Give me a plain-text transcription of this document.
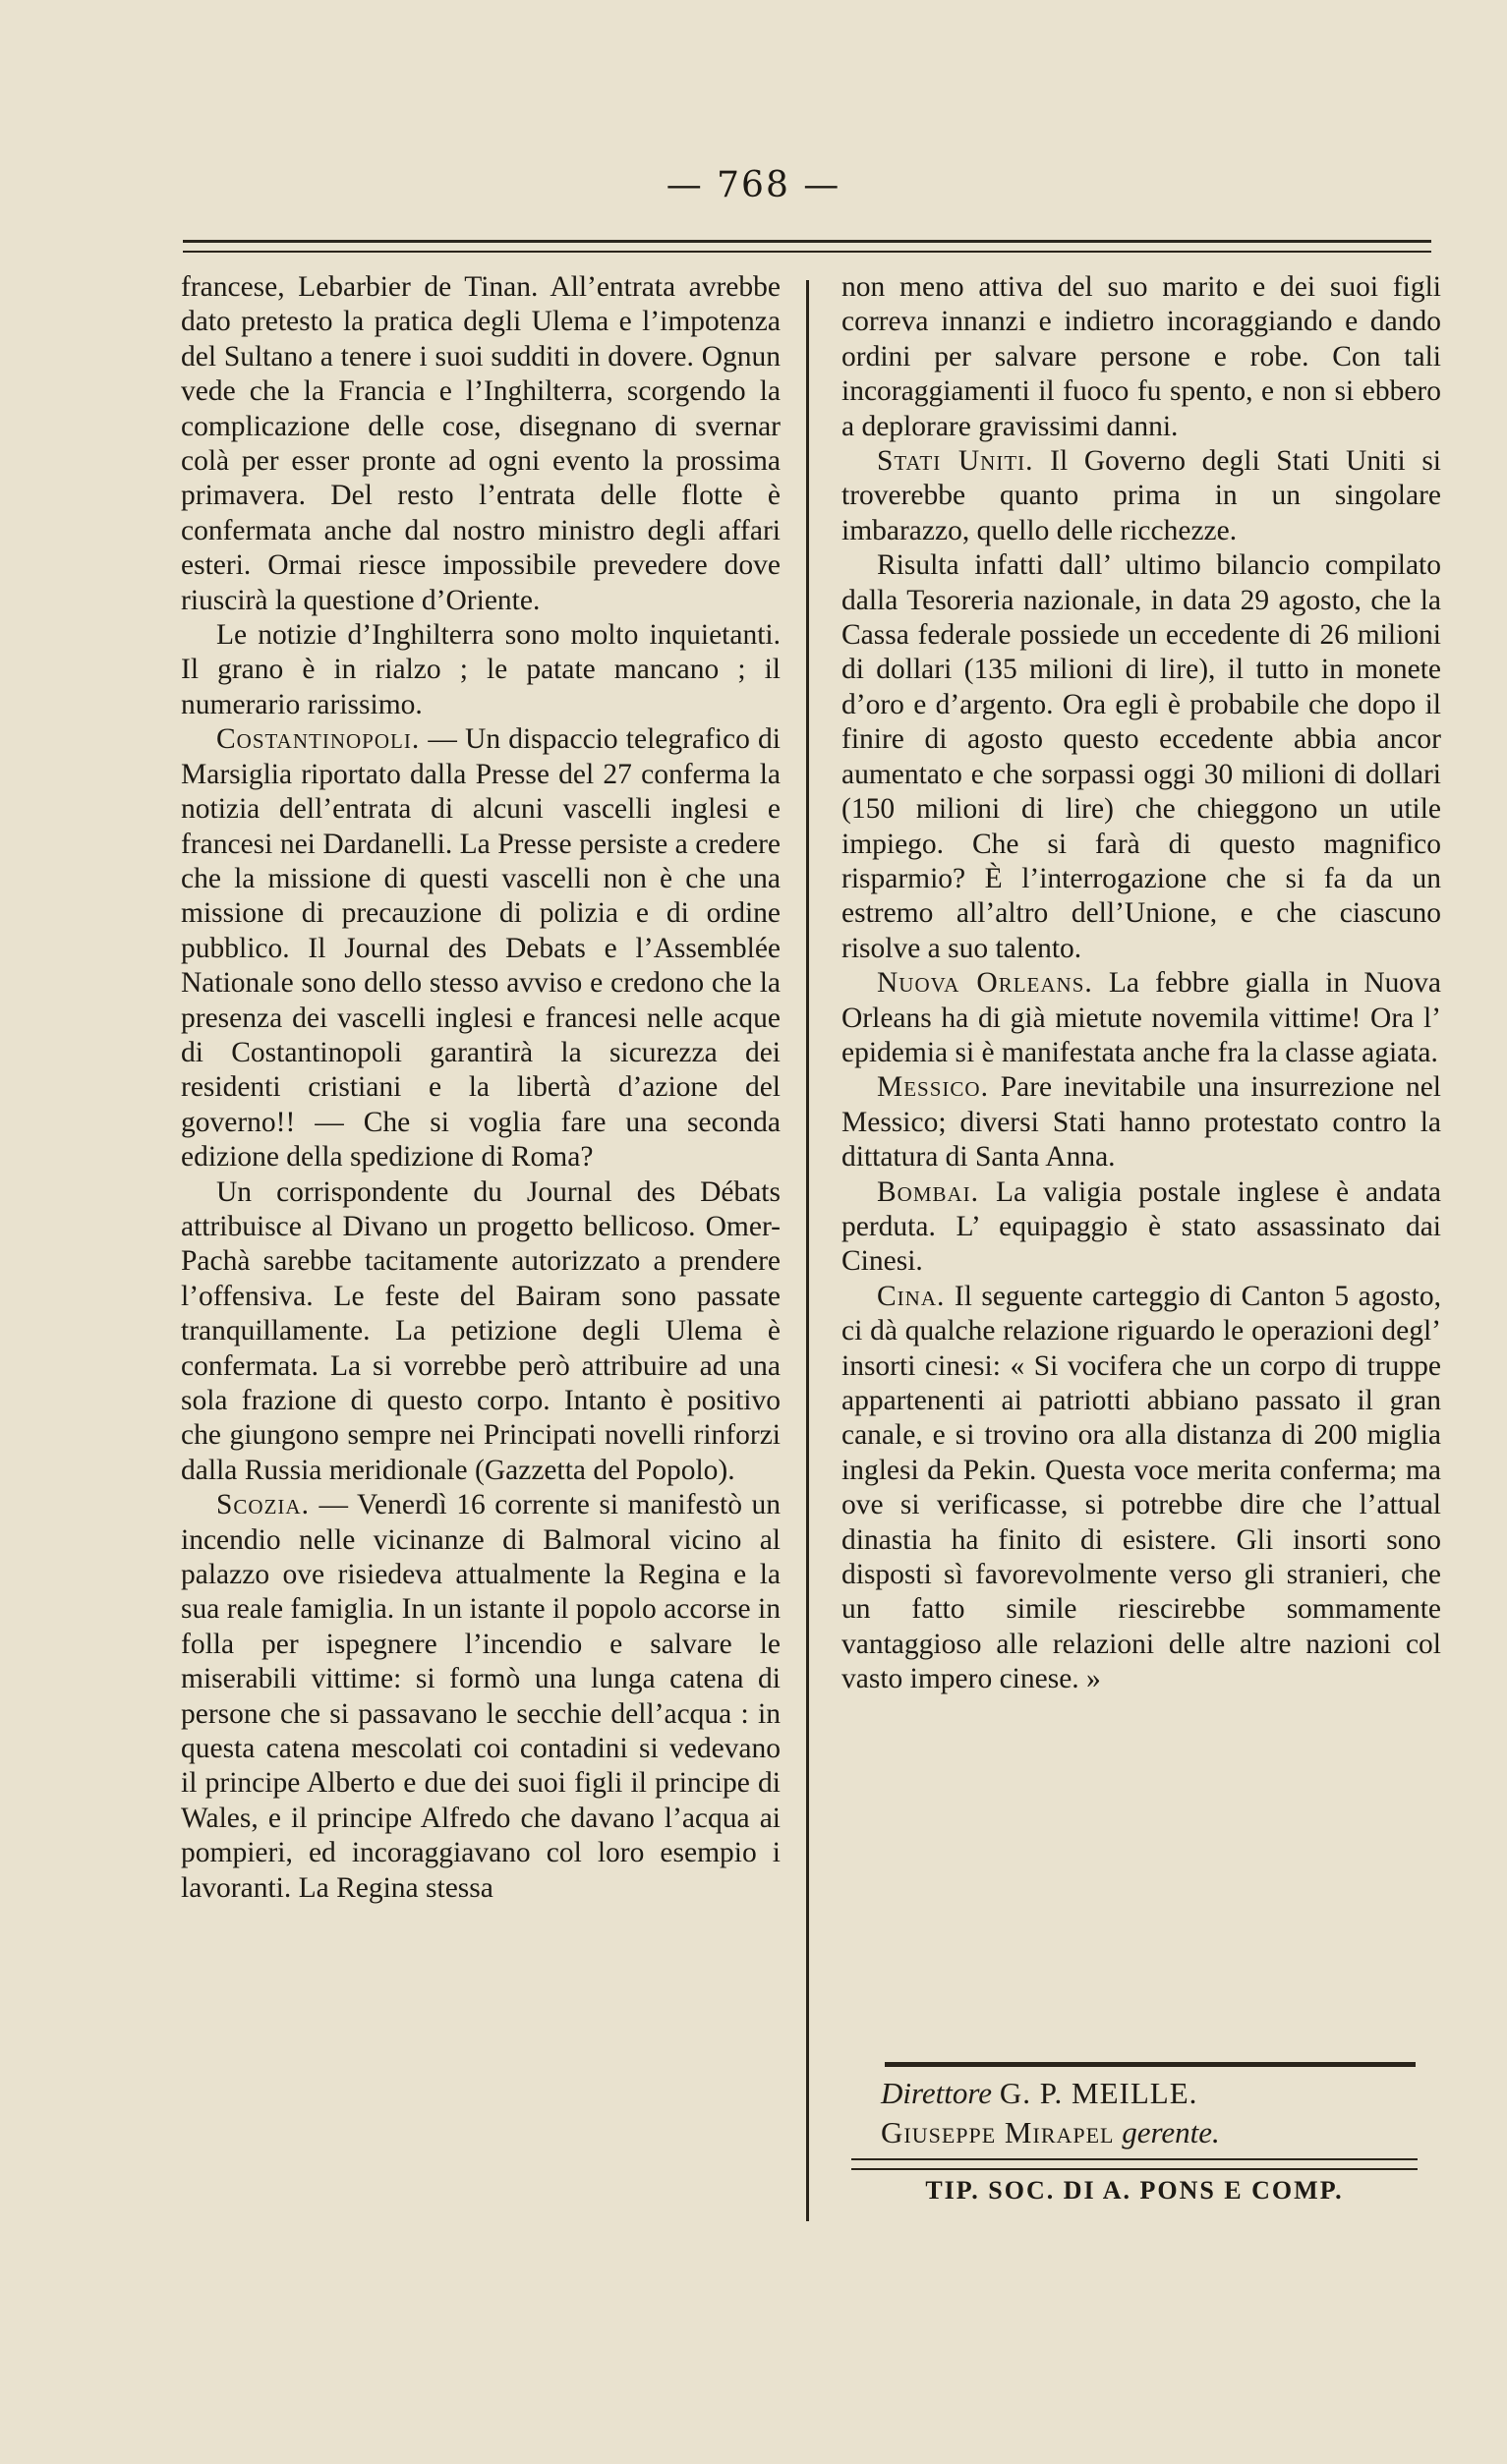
— 768 —

francese, Lebarbier de Tinan. All’entrata avrebbe dato pretesto la pratica degli Ulema e l’impotenza del Sultano a tenere i suoi sudditi in dovere. Ognun vede che la Francia e l’Inghilterra, scorgendo la complicazione delle cose, disegnano di svernar colà per esser pronte ad ogni evento la prossima primavera. Del resto l’entrata delle flotte è confermata anche dal nostro ministro degli affari esteri. Ormai riesce impossibile prevedere dove riuscirà la questione d’Oriente.

Le notizie d’Inghilterra sono molto inquietanti. Il grano è in rialzo ; le patate mancano ; il numerario rarissimo.

Costantinopoli. — Un dispaccio telegrafico di Marsiglia riportato dalla Presse del 27 conferma la notizia dell’entrata di alcuni vascelli inglesi e francesi nei Dardanelli. La Presse persiste a credere che la missione di questi vascelli non è che una missione di precauzione di polizia e di ordine pubblico. Il Journal des Debats e l’Assemblée Nationale sono dello stesso avviso e credono che la presenza dei vascelli inglesi e francesi nelle acque di Costantinopoli garantirà la sicurezza dei residenti cristiani e la libertà d’azione del governo!! — Che si voglia fare una seconda edizione della spedizione di Roma?

Un corrispondente du Journal des Débats attribuisce al Divano un progetto bellicoso. Omer-Pachà sarebbe tacitamente autorizzato a prendere l’offensiva. Le feste del Bairam sono passate tranquillamente. La petizione degli Ulema è confermata. La si vorrebbe però attribuire ad una sola frazione di questo corpo. Intanto è positivo che giungono sempre nei Principati novelli rinforzi dalla Russia meridionale (Gazzetta del Popolo).

Scozia. — Venerdì 16 corrente si manifestò un incendio nelle vicinanze di Balmoral vicino al palazzo ove risiedeva attualmente la Regina e la sua reale famiglia. In un istante il popolo accorse in folla per ispegnere l’incendio e salvare le miserabili vittime: si formò una lunga catena di persone che si passavano le secchie dell’acqua : in questa catena mescolati coi contadini si vedevano il principe Alberto e due dei suoi figli il principe di Wales, e il principe Alfredo che davano l’acqua ai pompieri, ed incoraggiavano col loro esempio i lavoranti. La Regina stessa

non meno attiva del suo marito e dei suoi figli correva innanzi e indietro incoraggiando e dando ordini per salvare persone e robe. Con tali incoraggiamenti il fuoco fu spento, e non si ebbero a deplorare gravissimi danni.

Stati Uniti. Il Governo degli Stati Uniti si troverebbe quanto prima in un singolare imbarazzo, quello delle ricchezze.

Risulta infatti dall’ ultimo bilancio compilato dalla Tesoreria nazionale, in data 29 agosto, che la Cassa federale possiede un eccedente di 26 milioni di dollari (135 milioni di lire), il tutto in monete d’oro e d’argento. Ora egli è probabile che dopo il finire di agosto questo eccedente abbia ancor aumentato e che sorpassi oggi 30 milioni di dollari (150 milioni di lire) che chieggono un utile impiego. Che si farà di questo magnifico risparmio? È l’interrogazione che si fa da un estremo all’altro dell’Unione, e che ciascuno risolve a suo talento.

Nuova Orleans. La febbre gialla in Nuova Orleans ha di già mietute novemila vittime! Ora l’ epidemia si è manifestata anche fra la classe agiata.

Messico. Pare inevitabile una insurrezione nel Messico; diversi Stati hanno protestato contro la dittatura di Santa Anna.

Bombai. La valigia postale inglese è andata perduta. L’ equipaggio è stato assassinato dai Cinesi.

Cina. Il seguente carteggio di Canton 5 agosto, ci dà qualche relazione riguardo le operazioni degl’ insorti cinesi: « Si vocifera che un corpo di truppe appartenenti ai patriotti abbiano passato il gran canale, e si trovino ora alla distanza di 200 miglia inglesi da Pekin. Questa voce merita conferma; ma ove si verificasse, si potrebbe dire che l’attual dinastia ha finito di esistere. Gli insorti sono disposti sì favorevolmente verso gli stranieri, che un fatto simile riescirebbe sommamente vantaggioso alle relazioni delle altre nazioni col vasto impero cinese. »

Direttore G. P. MEILLE.
Giuseppe Mirapel gerente.
TIP. SOC. DI A. PONS E COMP.
